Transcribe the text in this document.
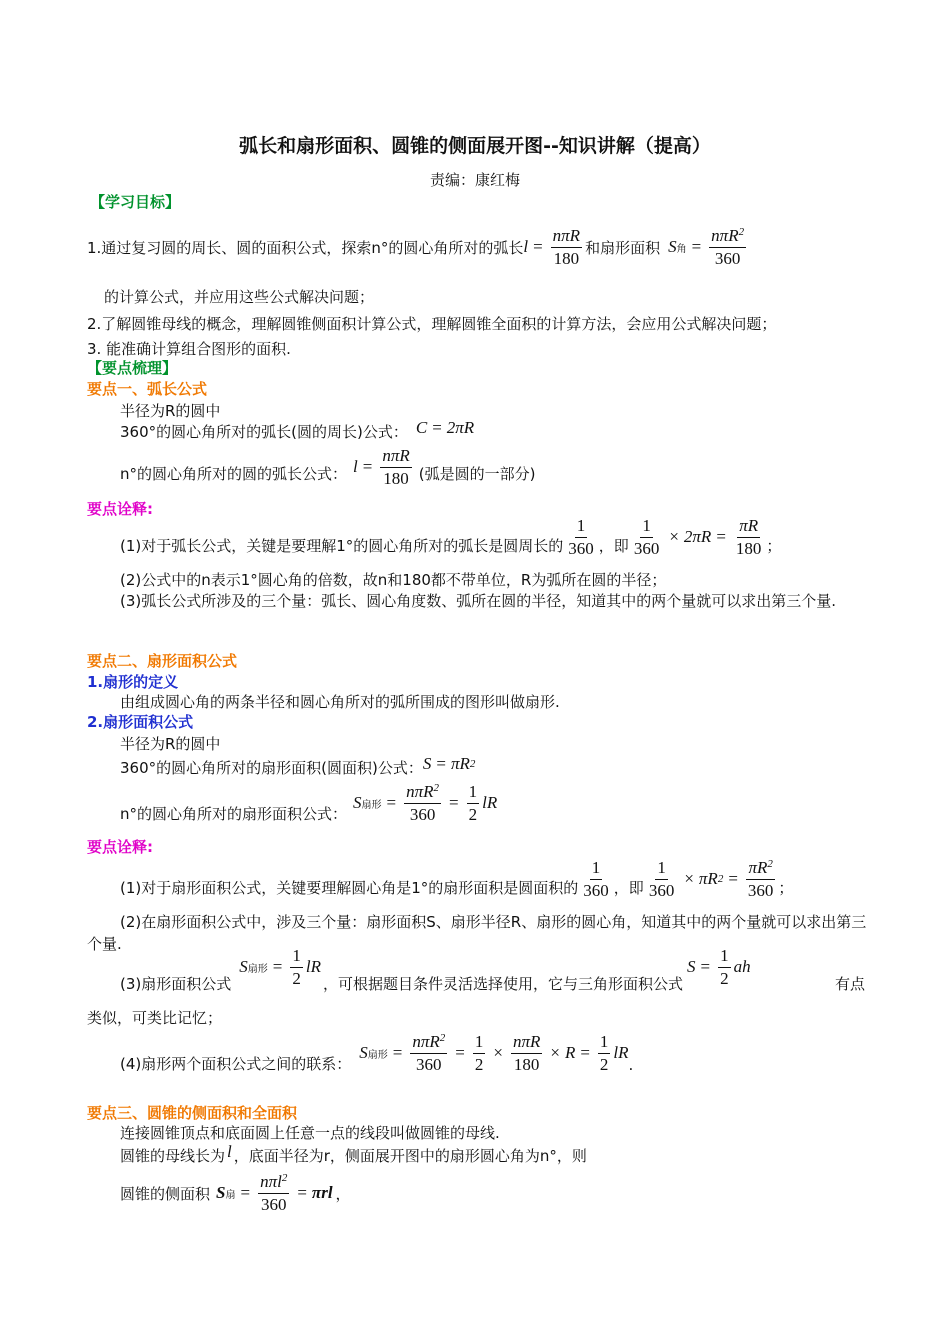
弧长和扇形面积、圆锥的侧面展开图--知识讲解（提高）
责编：康红梅
【学习目标】
1.通过复习圆的周长、圆的面积公式，探索n°的圆心角所对的弧长 $l = \frac{\text{nπR}}{180}$ 和扇形面积 S 角 = $\frac{n\pi R^2}{360}$
的计算公式，并应用这些公式解决问题；
2.了解圆锥母线的概念，理解圆锥侧面积计算公式，理解圆锥全面积的计算方法，会应用公式解决问题；
3. 能准确计算组合图形的面积.
【要点梳理】
要点一、弧长公式
半径为R的圆中
360°的圆心角所对的弧长(圆的周长)公式： C = 2πR
n°的圆心角所对的圆的弧长公式： $l = \frac{\text{nπR}}{180}$ (弧是圆的一部分)
要点诠释:
(1)对于弧长公式，关键是要理解1°的圆心角所对的弧长是圆周长的 $\frac{1}{360}$ ，即 $\frac{1}{360} \times 2\pi R = \frac{\pi R}{180}$ ；
(2)公式中的n表示1°圆心角的倍数，故n和180都不带单位，R为弧所在圆的半径；
(3)弧长公式所涉及的三个量：弧长、圆心角度数、弧所在圆的半径，知道其中的两个量就可以求出第三个量.
要点二、扇形面积公式
1.扇形的定义
由组成圆心角的两条半径和圆心角所对的弧所围成的图形叫做扇形.
2.扇形面积公式
半径为R的圆中
360°的圆心角所对的扇形面积(圆面积)公式： S = πR 2
n°的圆心角所对的扇形面积公式：
S 扇形 = $\frac{n\pi R^2}{360} = \frac{1}{2}$ lR
要点诠释:
(1)对于扇形面积公式，关键要理解圆心角是1°的扇形面积是圆面积的 $\frac{1}{360}$ ，即 $\frac{1}{360} \times \pi R$ $2 = \frac{\pi R^2}{360}$ ；
(2)在扇形面积公式中，涉及三个量：扇形面积S、扇形半径R、扇形的圆心角，知道其中的两个量就可以求出第三个量.
(3)扇形面积公式
S 扇形 = $\frac{1}{2}$ lR
，可根据题目条件灵活选择使用，它与三角形面积公式
$S = \frac{1}{2}$ ah
有点
类似，可类比记忆；
(4)扇形两个面积公式之间的联系：
S 扇形 = $\frac{n\pi R^2}{360} = \frac{1}{2} \times \frac{\text{nπR}}{180} \times R = \frac{1}{2}$ lR
.
要点三、圆锥的侧面积和全面积
连接圆锥顶点和底面圆上任意一点的线段叫做圆锥的母线.
圆锥的母线长为 l ，底面半径为r，侧面展开图中的扇形圆心角为n°，则
圆锥的侧面积 S 扇 = $\frac{n\pi l^2}{360} = \pi rl$ ，
